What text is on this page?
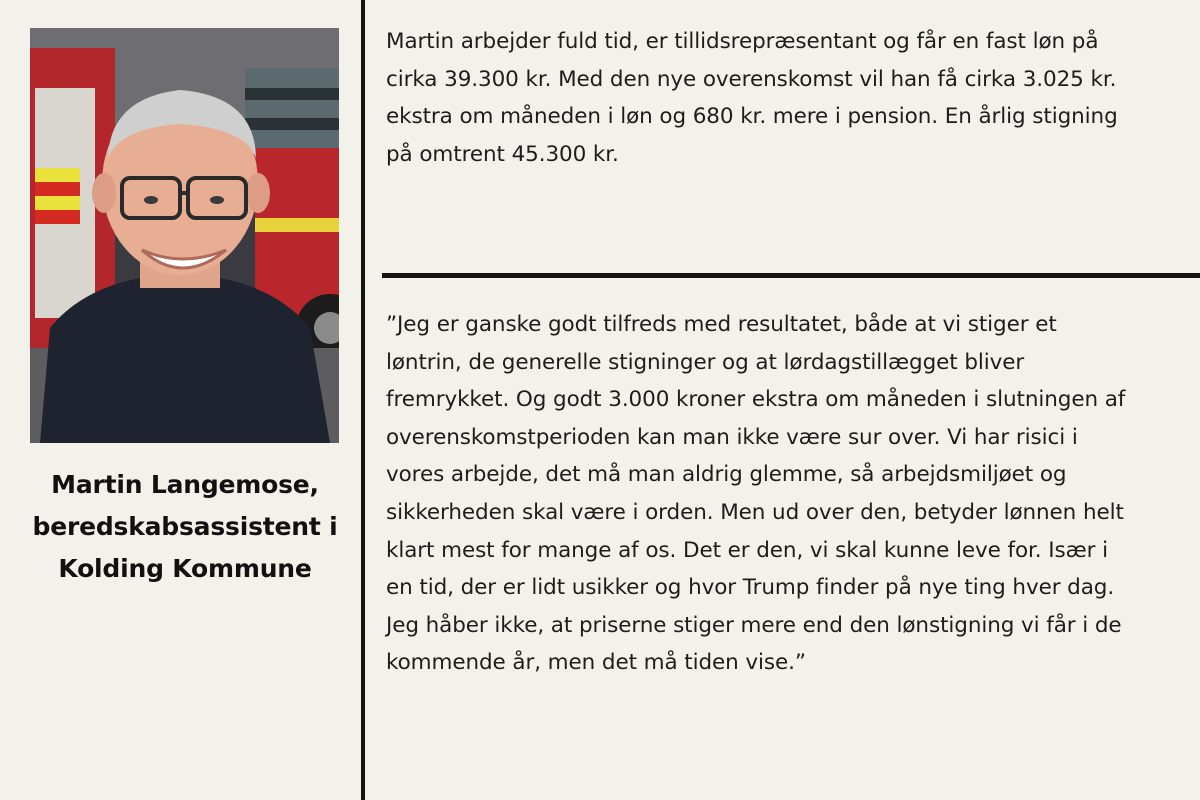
Martin Langemose,
beredskabsassistent i
Kolding Kommune
Martin arbejder fuld tid, er tillidsrepræsentant og får en fast løn på
cirka 39.300 kr. Med den nye overenskomst vil han få cirka 3.025 kr.
ekstra om måneden i løn og 680 kr. mere i pension. En årlig stigning
på omtrent 45.300 kr.
”Jeg er ganske godt tilfreds med resultatet, både at vi stiger et
løntrin, de generelle stigninger og at lørdagstillægget bliver
fremrykket. Og godt 3.000 kroner ekstra om måneden i slutningen af
overenskomstperioden kan man ikke være sur over. Vi har risici i
vores arbejde, det må man aldrig glemme, så arbejdsmiljøet og
sikkerheden skal være i orden. Men ud over den, betyder lønnen helt
klart mest for mange af os. Det er den, vi skal kunne leve for. Især i
en tid, der er lidt usikker og hvor Trump finder på nye ting hver dag.
Jeg håber ikke, at priserne stiger mere end den lønstigning vi får i de
kommende år, men det må tiden vise.”
